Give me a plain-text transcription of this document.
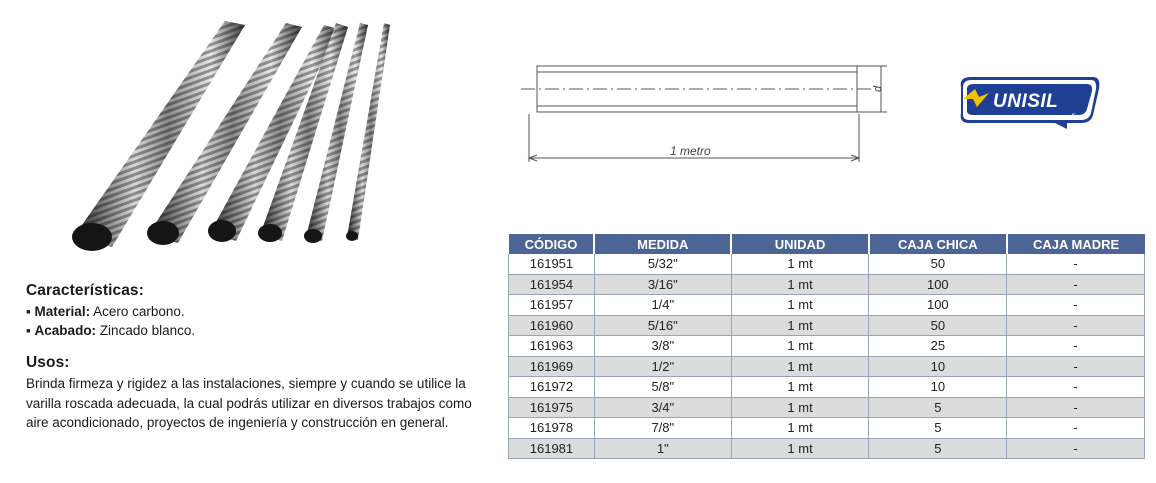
d
1 metro
UNISIL
fix
Características:
▪ Material: Acero carbono.
▪ Acabado: Zincado blanco.
Usos:

Brinda firmeza y rigidez a las instalaciones, siempre y cuando se utilice la varilla roscada adecuada, la cual podrás utilizar en diversos trabajos como aire acondicionado, proyectos de ingeniería y construcción en general.

CÓDIGO	MEDIDA	UNIDAD	CAJA CHICA	CAJA MADRE
161951	5/32"	1 mt	50	-
161954	3/16"	1 mt	100	-
161957	1/4"	1 mt	100	-
161960	5/16"	1 mt	50	-
161963	3/8"	1 mt	25	-
161969	1/2"	1 mt	10	-
161972	5/8"	1 mt	10	-
161975	3/4"	1 mt	5	-
161978	7/8"	1 mt	5	-
161981	1"	1 mt	5	-
